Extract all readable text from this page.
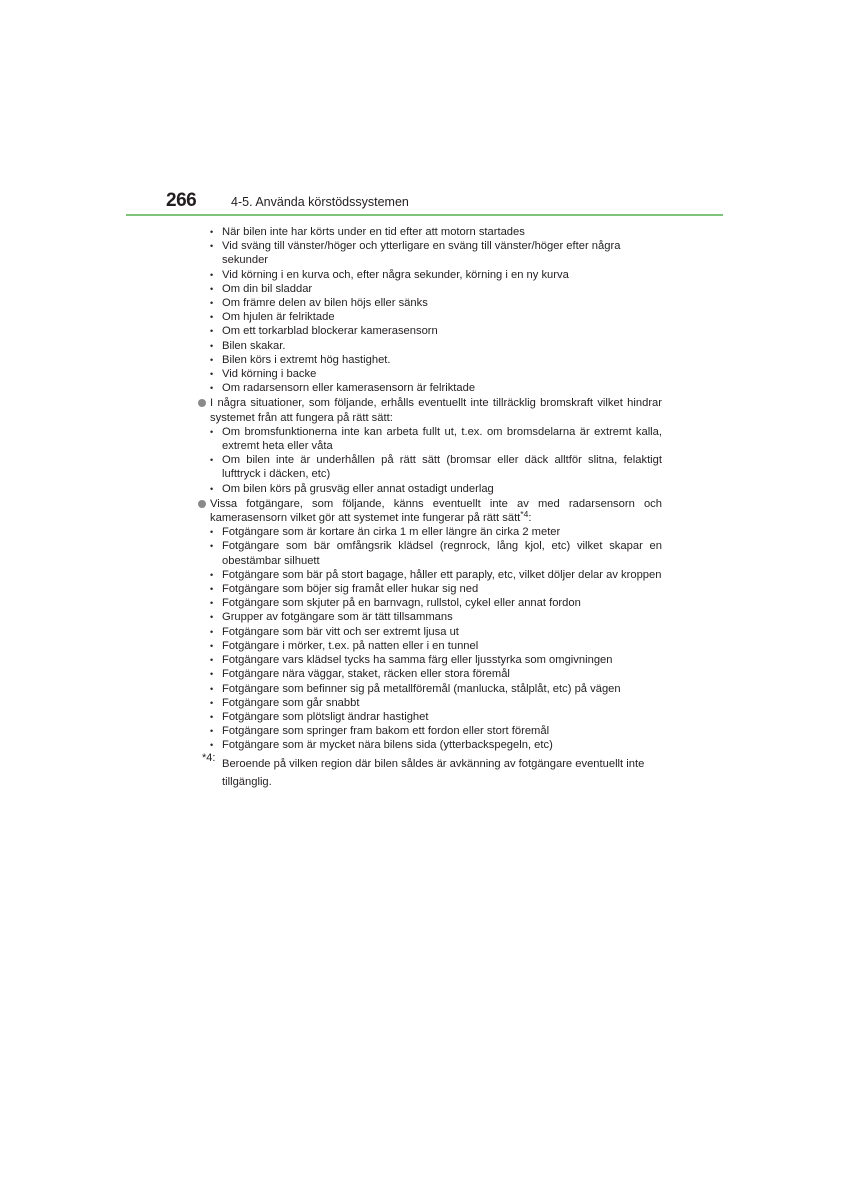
266	4-5. Använda körstödssystemen
• När bilen inte har körts under en tid efter att motorn startades
• Vid sväng till vänster/höger och ytterligare en sväng till vänster/höger efter några sekunder
• Vid körning i en kurva och, efter några sekunder, körning i en ny kurva
• Om din bil sladdar
• Om främre delen av bilen höjs eller sänks
• Om hjulen är felriktade
• Om ett torkarblad blockerar kamerasensorn
• Bilen skakar.
• Bilen körs i extremt hög hastighet.
• Vid körning i backe
• Om radarsensorn eller kamerasensorn är felriktade
I några situationer, som följande, erhålls eventuellt inte tillräcklig bromskraft vilket hindrar systemet från att fungera på rätt sätt:
• Om bromsfunktionerna inte kan arbeta fullt ut, t.ex. om bromsdelarna är extremt kalla, extremt heta eller våta
• Om bilen inte är underhållen på rätt sätt (bromsar eller däck alltför slitna, felaktigt lufttryck i däcken, etc)
• Om bilen körs på grusväg eller annat ostadigt underlag
Vissa fotgängare, som följande, känns eventuellt inte av med radarsensorn och kamerasensorn vilket gör att systemet inte fungerar på rätt sätt$^{*4}$:
• Fotgängare som är kortare än cirka 1 m eller längre än cirka 2 meter
• Fotgängare som bär omfångsrik klädsel (regnrock, lång kjol, etc) vilket skapar en obestämbar silhuett
• Fotgängare som bär på stort bagage, håller ett paraply, etc, vilket döljer delar av kroppen
• Fotgängare som böjer sig framåt eller hukar sig ned
• Fotgängare som skjuter på en barnvagn, rullstol, cykel eller annat fordon
• Grupper av fotgängare som är tätt tillsammans
• Fotgängare som bär vitt och ser extremt ljusa ut
• Fotgängare i mörker, t.ex. på natten eller i en tunnel
• Fotgängare vars klädsel tycks ha samma färg eller ljusstyrka som omgivningen
• Fotgängare nära väggar, staket, räcken eller stora föremål
• Fotgängare som befinner sig på metallföremål (manlucka, stålplåt, etc) på vägen
• Fotgängare som går snabbt
• Fotgängare som plötsligt ändrar hastighet
• Fotgängare som springer fram bakom ett fordon eller stort föremål
• Fotgängare som är mycket nära bilens sida (ytterbackspegeln, etc)
*4: Beroende på vilken region där bilen såldes är avkänning av fotgängare eventuellt inte tillgänglig.
